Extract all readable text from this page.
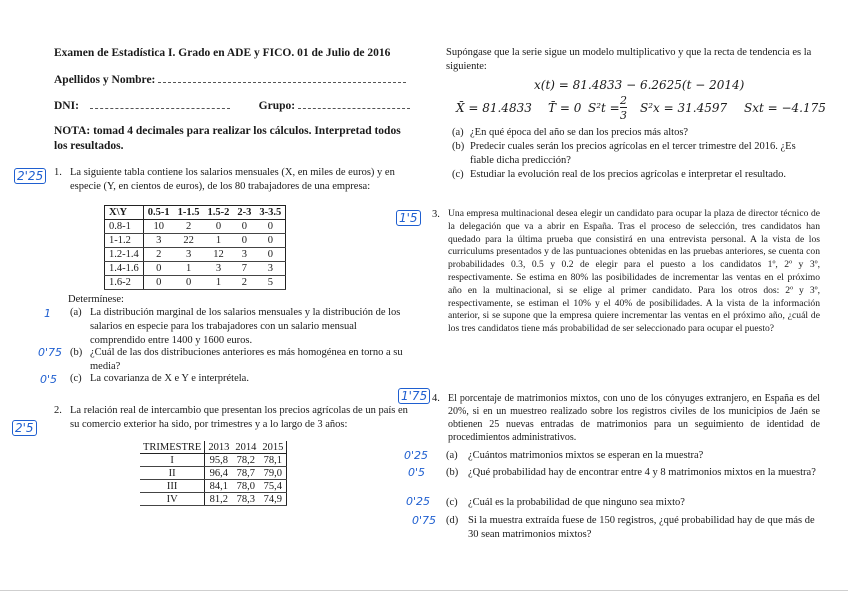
Examen de Estadística I. Grado en ADE y FICO. 01 de Julio de 2016
Apellidos y Nombre:
DNI:	Grupo:
NOTA: tomad 4 decimales para realizar los cálculos. Interpretad todos los resultados.
2'25 1. La siguiente tabla contiene los salarios mensuales (X, en miles de euros) y en especie (Y, en cientos de euros), de los 80 trabajadores de una empresa:
X\Y	0.5-1	1-1.5	1.5-2	2-3	3-3.5
0.8-1	10	2	0	0	0
1-1.2	3	22	1	0	0
1.2-1.4	2	3	12	3	0
1.4-1.6	0	1	3	7	3
1.6-2	0	0	1	2	5
Determínese:
1 (a) La distribución marginal de los salarios mensuales y la distribución de los salarios en especie para los trabajadores con un salario mensual comprendido entre 1400 y 1600 euros.
0'75 (b) ¿Cuál de las dos distribuciones anteriores es más homogénea en torno a su media?
0'5 (c) La covarianza de X e Y e interprétela.
2'5
2. La relación real de intercambio que presentan los precios agrícolas de un país en su comercio exterior ha sido, por trimestres y a lo largo de 3 años:
TRIMESTRE	2013	2014	2015
I	95,8	78,2	78,1
II	96,4	78,7	79,0
III	84,1	78,0	75,4
IV	81,2	78,3	74,9
Supóngase que la serie sigue un modelo multiplicativo y que la recta de tendencia es la siguiente:
x(t) = 81.4833 − 6.2625(t − 2014)
X̄ = 81.4833 T̄ = 0 S²t =
2
3
S²x = 31.4597 Sxt = −4.175
(a) ¿En qué época del año se dan los precios más altos?
(b) Predecir cuales serán los precios agrícolas en el tercer trimestre del 2016. ¿Es fiable dicha predicción?
(c) Estudiar la evolución real de los precios agrícolas e interpretar el resultado.
1'5 3. Una empresa multinacional desea elegir un candidato para ocupar la plaza de director técnico de la delegación que va a abrir en España. Tras el proceso de selección, tres candidatos han quedado para la última prueba que consistirá en una entrevista personal. A la vista de los curriculums presentados y de las puntuaciones obtenidas en las pruebas anteriores, se cuenta con probabilidades 0.3, 0.5 y 0.2 de elegir para el puesto a los candidatos 1º, 2º y 3º, respectivamente. Se estima en 80% las posibilidades de incrementar las ventas en el próximo año en la multinacional, si se elige al primer candidato. Para los otros dos: 2º y 3º, respectivamente, se estiman el 10% y el 40% de posibilidades. A la vista de la información anterior, si se supone que la empresa quiere incrementar las ventas en el próximo año, ¿cuál de los tres candidatos tiene más probabilidad de ser seleccionado para ocupar el puesto?
1'75 4. El porcentaje de matrimonios mixtos, con uno de los cónyuges extranjero, en España es del 20%, si en un muestreo realizado sobre los registros civiles de los municipios de Jaén se obtienen 25 nuevas entradas de matrimonios para un seguimiento de identidad de procedimientos administrativos.
0'25 (a) ¿Cuántos matrimonios mixtos se esperan en la muestra?
0'5 (b) ¿Qué probabilidad hay de encontrar entre 4 y 8 matrimonios mixtos en la muestra?
0'25 (c) ¿Cuál es la probabilidad de que ninguno sea mixto?
0'75 (d) Si la muestra extraída fuese de 150 registros, ¿qué probabilidad hay de que más de 30 sean matrimonios mixtos?
